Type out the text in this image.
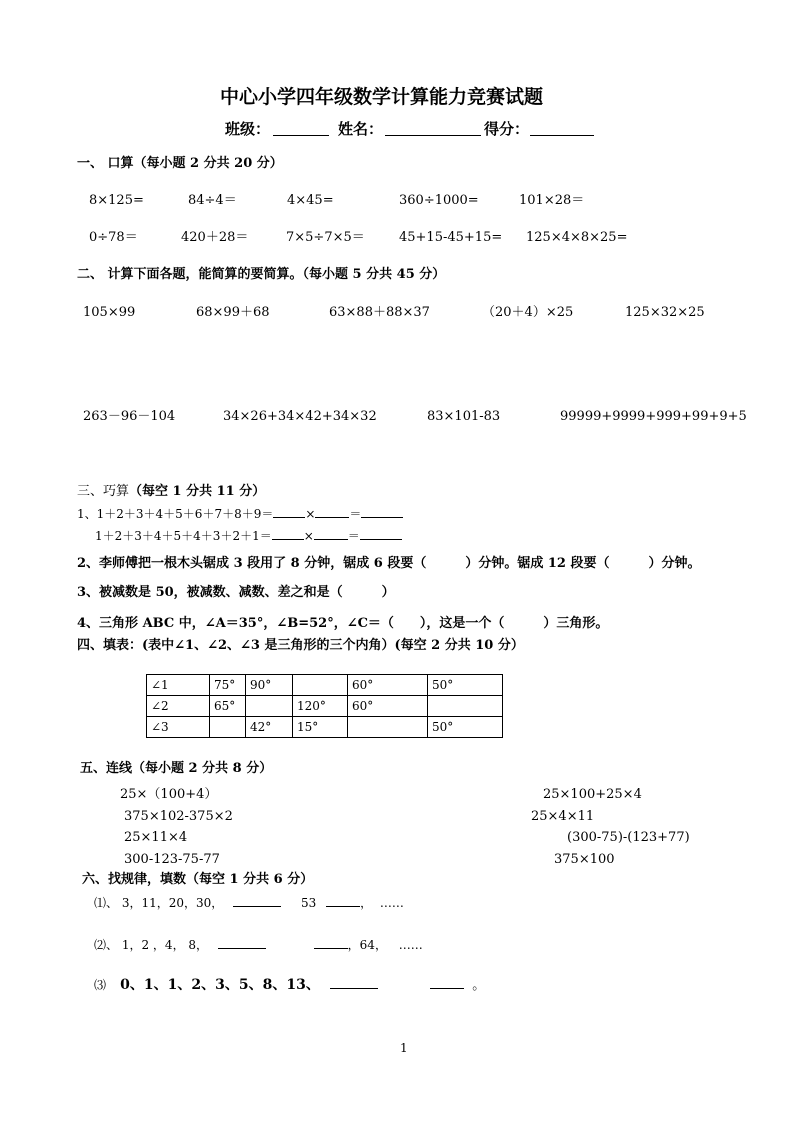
中心小学四年级数学计算能力竞赛试题
班级：	姓名：	得分：
一、 口算（每小题 2 分共 20 分）
8×125=	84÷4＝	4×45=	360÷1000=	101×28＝
0÷78＝	420＋28＝	7×5÷7×5＝	45+15-45+15= 125×4×8×25=
二、 计算下面各题，能简算的要简算。（每小题 5 分共 45 分）
105×99	68×99＋68	63×88＋88×37	（20＋4）×25	125×32×25
263－96－104	34×26+34×42+34×32	83×101-83	99999+9999+999+99+9+5
三、巧算（每空 1 分共 11 分）
1、1＋2＋3＋4＋5＋6＋7＋8＋9＝	×	＝
1＋2＋3＋4＋5＋4＋3＋2＋1＝	×	＝
2、李师傅把一根木头锯成 3 段用了 8 分钟，锯成 6 段要（　　　）分钟。锯成 12 段要（　　　）分钟。
3、被减数是 50，被减数、减数、差之和是（　　　）
4、三角形 ABC 中，∠A＝35°，∠B=52°，∠C＝（　　），这是一个（　　　）三角形。
四、填表：(表中∠1、∠2、∠3 是三角形的三个内角）(每空 2 分共 10 分）
∠1	75°	90°		60°	50°
∠2	65°		120°	60°	
∠3		42°	15°		50°
五、连线（每小题 2 分共 8 分）
25×（100+4）
375×102-375×2
25×11×4
300-123-75-77
25×100+25×4
25×4×11
(300-75)-(123+77)
375×100
六、找规律，填数（每空 1 分共 6 分）
⑴、 3，11，20，30，	53	， ……
⑵、 1，2 ，4， 8，	，64， ……
⑶ 0、1、1、2、3、5、8、13、	。
1
